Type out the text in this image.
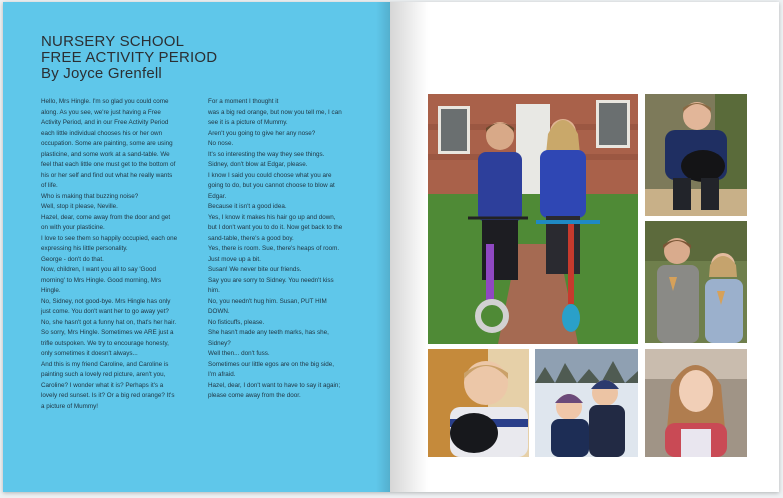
NURSERY SCHOOL
FREE ACTIVITY PERIOD
By Joyce Grenfell
Hello, Mrs Hingle. I'm so glad you could come
along. As you see, we're just having a Free
Activity Period, and in our Free Activity Period
each little individual chooses his or her own
occupation. Some are painting, some are using
plasticine, and some work at a sand-table. We
feel that each little one must get to the bottom of
his or her self and find out what he really wants
of life.
Who is making that buzzing noise?
Well, stop it please, Neville.
Hazel, dear, come away from the door and get
on with your plasticine.
I love to see them so happily occupied, each one
expressing his little personality.
George - don't do that.
Now, children, I want you all to say 'Good
morning' to Mrs Hingle. Good morning, Mrs
Hingle.
No, Sidney, not good-bye. Mrs Hingle has only
just come. You don't want her to go away yet?
No, she hasn't got a funny hat on, that's her hair.
So sorry, Mrs Hingle. Sometimes we ARE just a
trifle outspoken. We try to encourage honesty,
only sometimes it doesn't always...
And this is my friend Caroline, and Caroline is
painting such a lovely red picture, aren't you,
Caroline? I wonder what it is? Perhaps it's a
lovely red sunset. Is it? Or a big red orange? It's
a picture of Mummy!
For a moment I thought it
was a big red orange, but now you tell me, I can
see it is a picture of Mummy.
Aren't you going to give her any nose?
No nose.
It's so interesting the way they see things.
Sidney, don't blow at Edgar, please.
I know I said you could choose what you are
going to do, but you cannot choose to blow at
Edgar.
Because it isn't a good idea.
Yes, I know it makes his hair go up and down,
but I don't want you to do it. Now get back to the
sand-table, there's a good boy.
Yes, there is room. Sue, there's heaps of room.
Just move up a bit.
Susan! We never bite our friends.
Say you are sorry to Sidney. You needn't kiss
him.
No, you needn't hug him. Susan, PUT HIM
DOWN.
No fisticuffs, please.
She hasn't made any teeth marks, has she,
Sidney?
Well then... don't fuss.
Sometimes our little egos are on the big side,
I'm afraid.
Hazel, dear, I don't want to have to say it again;
please come away from the door.
